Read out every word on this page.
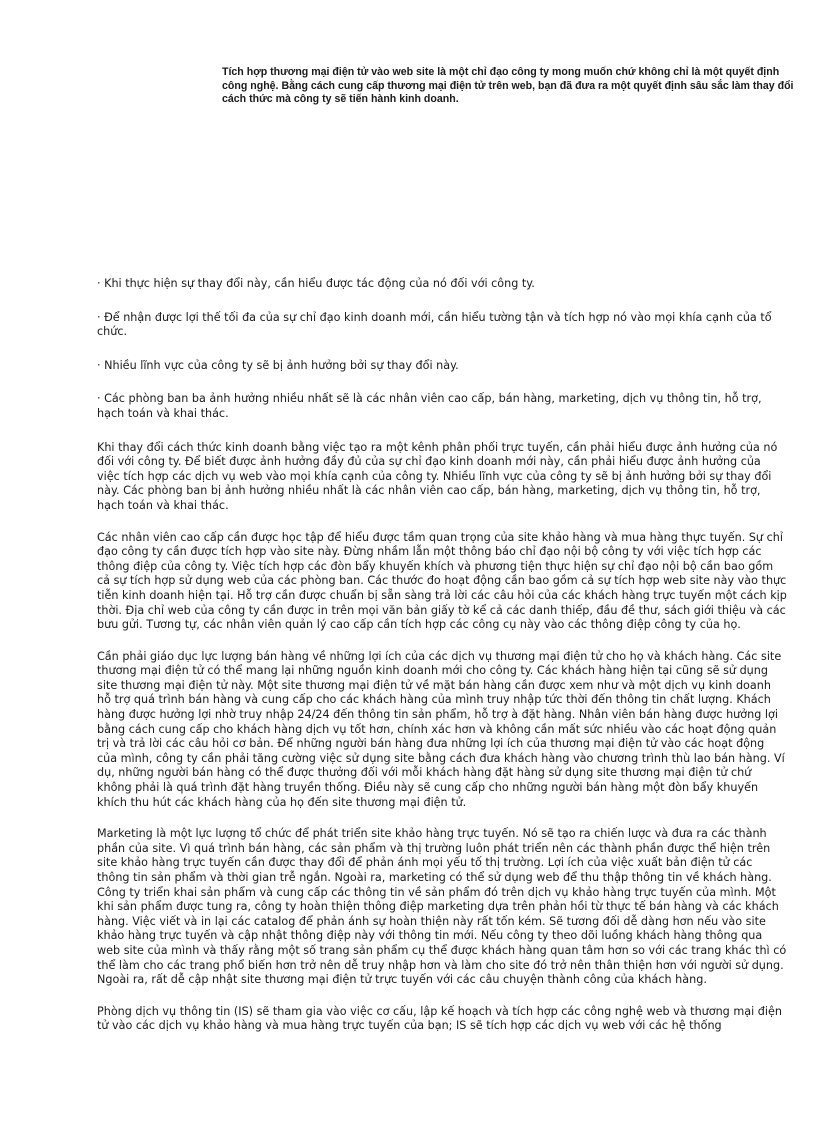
Tích hợp thương mại điện tử vào web site là một chỉ đạo công ty mong muốn chứ không chỉ là một quyết định công nghệ. Bằng cách cung cấp thương mại điện tử trên web, bạn đã đưa ra một quyết định sâu sắc làm thay đổi cách thức mà công ty sẽ tiến hành kinh doanh.

· Khi thực hiện sự thay đổi này, cần hiểu được tác động của nó đối với công ty.

· Để nhận được lợi thế tối đa của sự chỉ đạo kinh doanh mới, cần hiểu tường tận và tích hợp nó vào mọi khía cạnh của tổ chức.

· Nhiều lĩnh vực của công ty sẽ bị ảnh hưởng bởi sự thay đổi này.

· Các phòng ban ba ảnh hưởng nhiều nhất sẽ là các nhân viên cao cấp, bán hàng, marketing, dịch vụ thông tin, hỗ trợ, hạch toán và khai thác.

Khi thay đổi cách thức kinh doanh bằng việc tạo ra một kênh phân phối trực tuyến, cần phải hiểu được ảnh hưởng của nó đối với công ty. Để biết được ảnh hưởng đầy đủ của sự chỉ đạo kinh doanh mới này, cần phải hiểu được ảnh hưởng của việc tích hợp các dịch vụ web vào mọi khía cạnh của công ty. Nhiều lĩnh vực của công ty sẽ bị ảnh hưởng bởi sự thay đổi này. Các phòng ban bị ảnh hưởng nhiều nhất là các nhân viên cao cấp, bán hàng, marketing, dịch vụ thông tin, hỗ trợ, hạch toán và khai thác.

Các nhân viên cao cấp cần được học tập để hiểu được tầm quan trọng của site khảo hàng và mua hàng thực tuyến. Sự chỉ đạo công ty cần được tích hợp vào site này. Đừng nhầm lẫn một thông báo chỉ đạo nội bộ công ty với việc tích hợp các thông điệp của công ty. Việc tích hợp các đòn bẩy khuyến khích và phương tiện thực hiện sự chỉ đạo nội bộ cần bao gồm cả sự tích hợp sử dụng web của các phòng ban. Các thước đo hoạt động cần bao gồm cả sự tích hợp web site này vào thực tiễn kinh doanh hiện tại. Hỗ trợ cần được chuẩn bị sẵn sàng trả lời các câu hỏi của các khách hàng trực tuyến một cách kịp thời. Địa chỉ web của công ty cần được in trên mọi văn bản giấy tờ kể cả các danh thiếp, đầu đề thư, sách giới thiệu và các bưu gửi. Tương tự, các nhân viên quản lý cao cấp cần tích hợp các công cụ này vào các thông điệp công ty của họ.

Cần phải giáo dục lực lượng bán hàng về những lợi ích của các dịch vụ thương mại điện tử cho họ và khách hàng. Các site thương mại điện tử có thể mang lại những nguồn kinh doanh mới cho công ty. Các khách hàng hiện tại cũng sẽ sử dụng site thương mại điện tử này. Một site thương mại điện tử về mặt bán hàng cần được xem như và một dịch vụ kinh doanh hỗ trợ quá trình bán hàng và cung cấp cho các khách hàng của mình truy nhập tức thời đến thông tin chất lượng. Khách hàng được hưởng lợi nhờ truy nhập 24/24 đến thông tin sản phẩm, hỗ trợ à đặt hàng. Nhân viên bán hàng được hưởng lợi bằng cách cung cấp cho khách hàng dịch vụ tốt hơn, chính xác hơn và không cần mất sức nhiều vào các hoạt động quản trị và trả lời các câu hỏi cơ bản. Để những người bán hàng đưa những lợi ích của thương mại điện tử vào các hoạt động của mình, công ty cần phải tăng cường việc sử dụng site bằng cách đưa khách hàng vào chương trình thù lao bán hàng. Ví dụ, những người bán hàng có thể được thưởng đối với mỗi khách hàng đặt hàng sử dụng site thương mại điện tử chứ không phải là quá trình đặt hàng truyền thống. Điều này sẽ cung cấp cho những người bán hàng một đòn bẩy khuyến khích thu hút các khách hàng của họ đến site thương mại điện tử.

Marketing là một lực lượng tổ chức để phát triển site khảo hàng trực tuyến. Nó sẽ tạo ra chiến lược và đưa ra các thành phần của site. Vì quá trình bán hàng, các sản phẩm và thị trường luôn phát triển nên các thành phần được thể hiện trên site khảo hàng trực tuyến cần được thay đổi để phản ánh mọi yếu tố thị trường. Lợi ích của việc xuất bản điện tử các thông tin sản phẩm và thời gian trễ ngắn. Ngoài ra, marketing có thể sử dụng web để thu thập thông tin về khách hàng. Công ty triển khai sản phẩm và cung cấp các thông tin về sản phẩm đó trên dịch vụ khảo hàng trực tuyến của mình. Một khi sản phẩm được tung ra, công ty hoàn thiện thông điệp marketing dựa trên phản hồi từ thực tế bán hàng và các khách hàng. Việc viết và in lại các catalog để phản ánh sự hoàn thiện này rất tốn kém. Sẽ tương đối dễ dàng hơn nếu vào site khảo hàng trực tuyến và cập nhật thông điệp này với thông tin mới. Nếu công ty theo dõi luồng khách hàng thông qua web site của mình và thấy rằng một số trang sản phẩm cụ thể được khách hàng quan tâm hơn so với các trang khác thì có thể làm cho các trang phổ biến hơn trở nên dễ truy nhập hơn và làm cho site đó trở nên thân thiện hơn với người sử dụng. Ngoài ra, rất dễ cập nhật site thương mại điện tử trực tuyến với các câu chuyện thành công của khách hàng.

Phòng dịch vụ thông tin (IS) sẽ tham gia vào việc cơ cấu, lập kế hoạch và tích hợp các công nghệ web và thương mại điện tử vào các dịch vụ khảo hàng và mua hàng trực tuyến của bạn; IS sẽ tích hợp các dịch vụ web với các hệ thống
